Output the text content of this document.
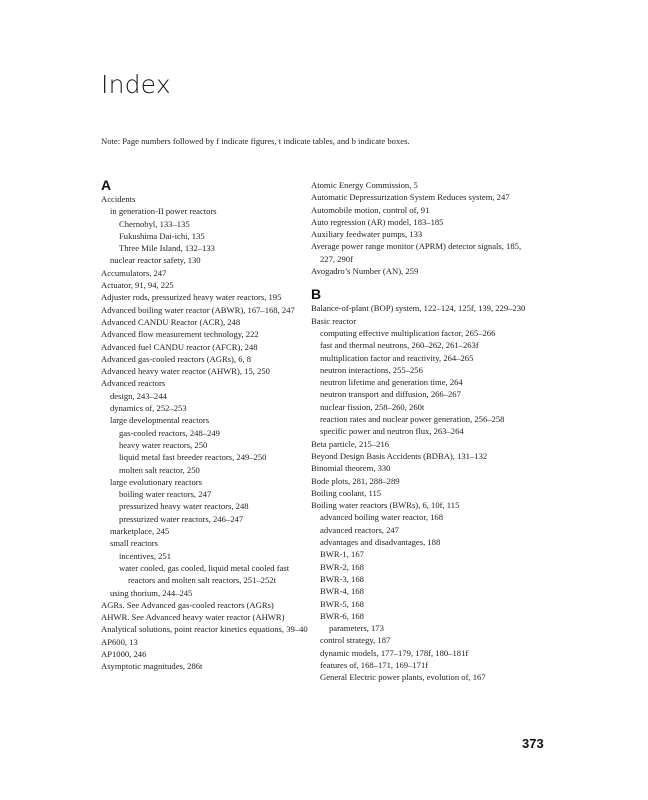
Index
Note: Page numbers followed by f indicate figures, t indicate tables, and b indicate boxes.
A
Accidents
in generation-II power reactors
Chernobyl, 133–135
Fukushima Dai-ichi, 135
Three Mile Island, 132–133
nuclear reactor safety, 130
Accumulators, 247
Actuator, 91, 94, 225
Adjuster rods, pressurized heavy water reactors, 195
Advanced boiling water reactor (ABWR), 167–168, 247
Advanced CANDU Reactor (ACR), 248
Advanced flow measurement technology, 222
Advanced fuel CANDU reactor (AFCR), 248
Advanced gas-cooled reactors (AGRs), 6, 8
Advanced heavy water reactor (AHWR), 15, 250
Advanced reactors
design, 243–244
dynamics of, 252–253
large developmental reactors
gas-cooled reactors, 248–249
heavy water reactors, 250
liquid metal fast breeder reactors, 249–250
molten salt reactor, 250
large evolutionary reactors
boiling water reactors, 247
pressurized heavy water reactors, 248
pressurized water reactors, 246–247
marketplace, 245
small reactors
incentives, 251
water cooled, gas cooled, liquid metal cooled fast reactors and molten salt reactors, 251–252t
using thorium, 244–245
AGRs. See Advanced gas-cooled reactors (AGRs)
AHWR. See Advanced heavy water reactor (AHWR)
Analytical solutions, point reactor kinetics equations, 39–40
AP600, 13
AP1000, 246
Asymptotic magnitudes, 286t
Atomic Energy Commission, 5
Automatic Depressurization System Reduces system, 247
Automobile motion, control of, 91
Auto regression (AR) model, 183–185
Auxiliary feedwater pumps, 133
Average power range monitor (APRM) detector signals, 185, 227, 290f
Avogadro’s Number (AN), 259
B
Balance-of-plant (BOP) system, 122–124, 125f, 139, 229–230
Basic reactor
computing effective multiplication factor, 265–266
fast and thermal neutrons, 260–262, 261–263f
multiplication factor and reactivity, 264–265
neutron interactions, 255–256
neutron lifetime and generation time, 264
neutron transport and diffusion, 266–267
nuclear fission, 258–260, 260t
reaction rates and nuclear power generation, 256–258
specific power and neutron flux, 263–264
Beta particle, 215–216
Beyond Design Basis Accidents (BDBA), 131–132
Binomial theorem, 330
Bode plots, 281, 288–289
Boiling coolant, 115
Boiling water reactors (BWRs), 6, 10f, 115
advanced boiling water reactor, 168
advanced reactors, 247
advantages and disadvantages, 188
BWR-1, 167
BWR-2, 168
BWR-3, 168
BWR-4, 168
BWR-5, 168
BWR-6, 168
parameters, 173
control strategy, 187
dynamic models, 177–179, 178f, 180–181f
features of, 168–171, 169–171f
General Electric power plants, evolution of, 167
373
